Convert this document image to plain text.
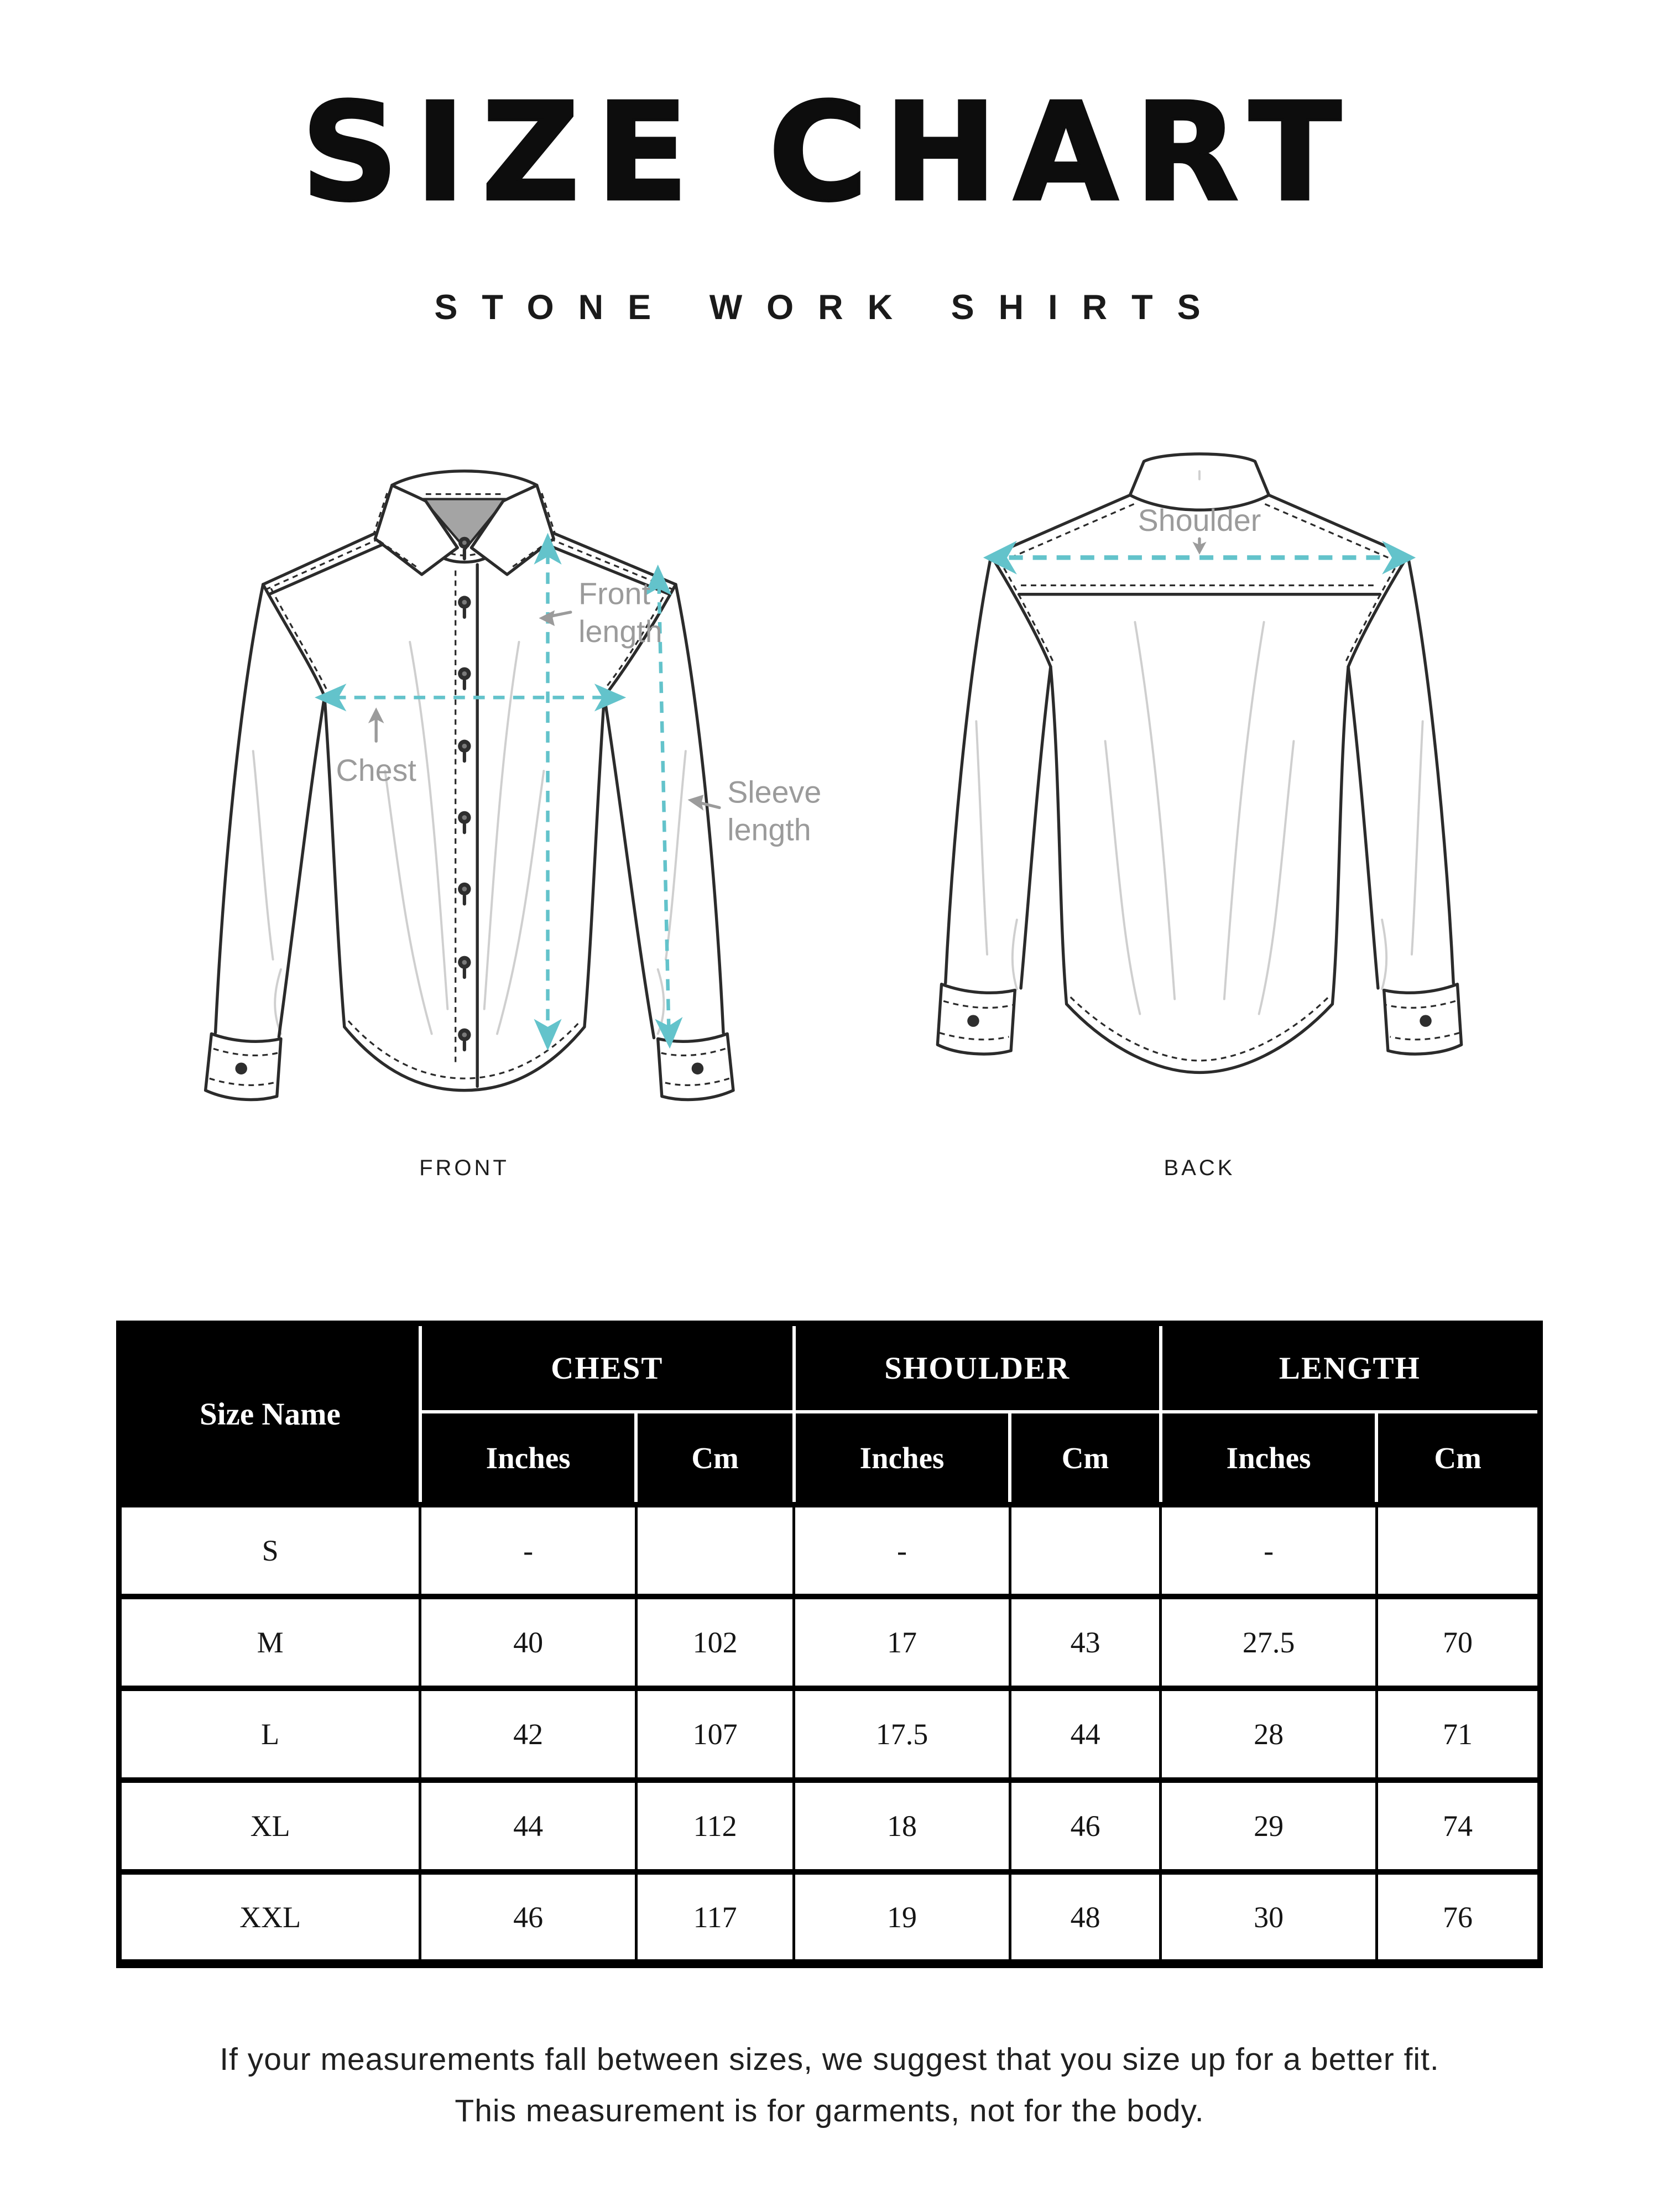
SIZE CHART
STONE WORK SHIRTS
Front
length
Chest
Sleeve
length
FRONT
Shoulder
BACK
Size Name	CHEST		SHOULDER		LENGTH	
	Inches	Cm	Inches	Cm	Inches	Cm
S	-		-		-	
M	40	102	17	43	27.5	70
L	42	107	17.5	44	28	71
XL	44	112	18	46	29	74
XXL	46	117	19	48	30	76
If your measurements fall between sizes, we suggest that you size up for a better fit.
This measurement is for garments, not for the body.
